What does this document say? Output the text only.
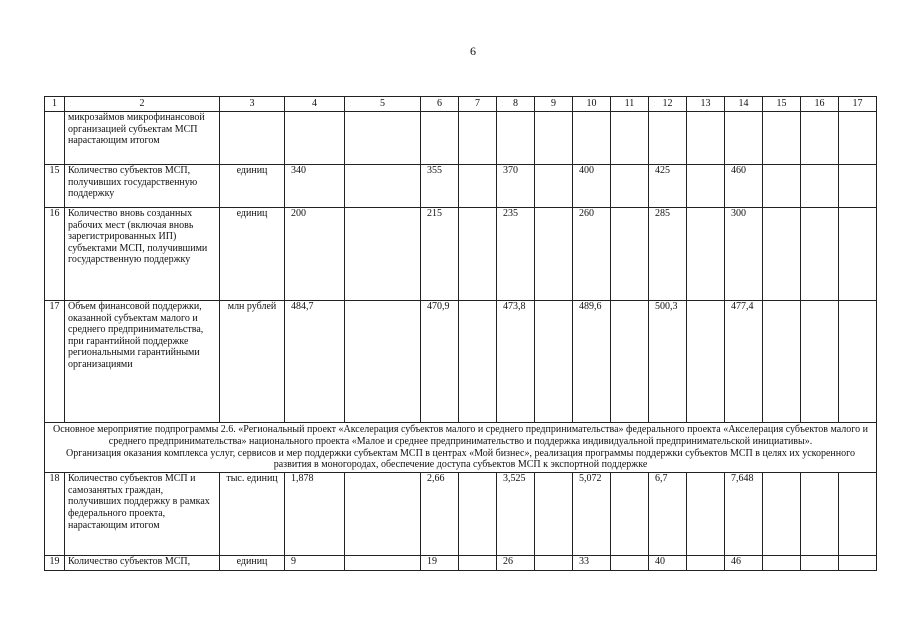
6
1	2	3	4	5	6	7	8	9	10	11	12	13	14	15	16	17
	микрозаймов микрофинансовой организацией субъектам МСП нарастающим итогом															
15	Количество субъектов МСП, получивших государственную поддержку	единиц	340		355		370		400		425		460			
16	Количество вновь созданных рабочих мест (включая вновь зарегистрированных ИП) субъектами МСП, получившими государственную поддержку	единиц	200		215		235		260		285		300			
17	Объем финансовой поддержки, оказанной субъектам малого и среднего предпринимательства, при гарантийной поддержке региональными гарантийными организациями	млн рублей	484,7		470,9		473,8		489,6		500,3		477,4			

Основное мероприятие подпрограммы 2.6. «Региональный проект «Акселерация субъектов малого и среднего предпринимательства» федерального проекта «Акселерация субъектов малого и среднего предпринимательства» национального проекта «Малое и среднее предпринимательство и поддержка индивидуальной предпринимательской инициативы».
Организация оказания комплекса услуг, сервисов и мер поддержки субъектам МСП в центрах «Мой бизнес», реализация программы поддержки субъектов МСП в целях их ускоренного развития в моногородах, обеспечение доступа субъектов МСП к экспортной поддержке																

18	Количество субъектов МСП и самозанятых граждан, получивших поддержку в рамках федерального проекта, нарастающим итогом	тыс. единиц	1,878		2,66		3,525		5,072		6,7		7,648			
19	Количество субъектов МСП,	единиц	9		19		26		33		40		46			
